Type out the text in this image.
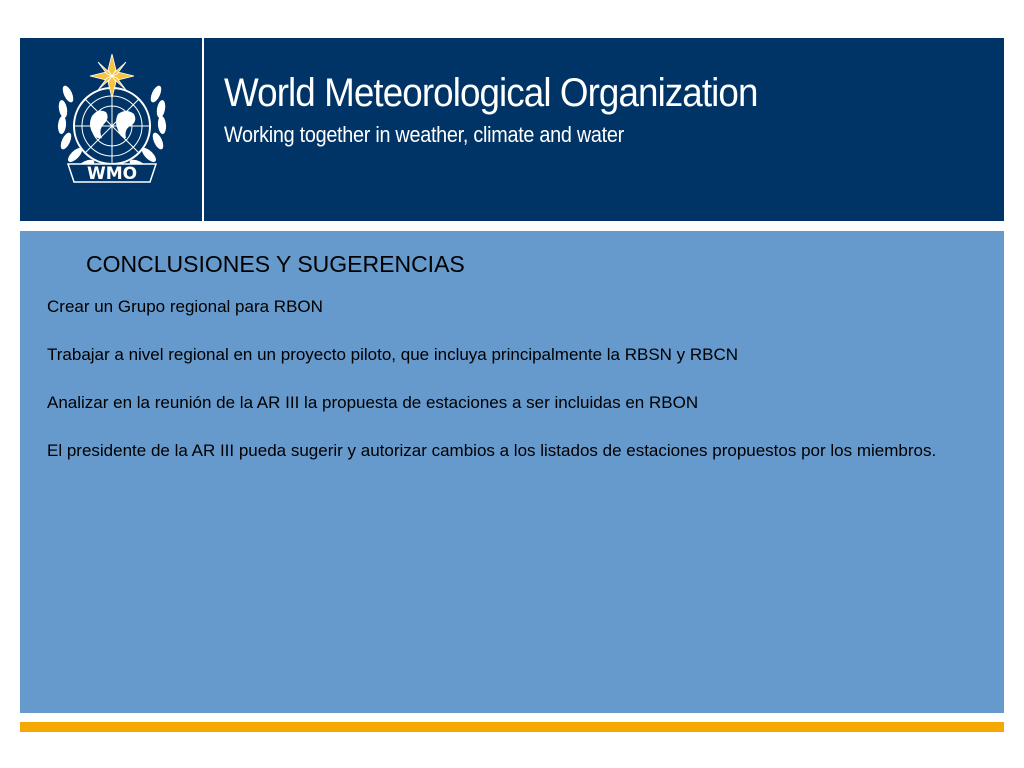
WMO
World Meteorological Organization
Working together in weather, climate and water
CONCLUSIONES Y SUGERENCIAS
Crear un Grupo regional para RBON
Trabajar a nivel regional en un proyecto piloto, que incluya principalmente la RBSN y RBCN
Analizar en la reunión de la AR III la propuesta de estaciones a ser incluidas en RBON
El presidente de la AR III pueda sugerir y autorizar cambios a los listados de estaciones propuestos por los miembros.
